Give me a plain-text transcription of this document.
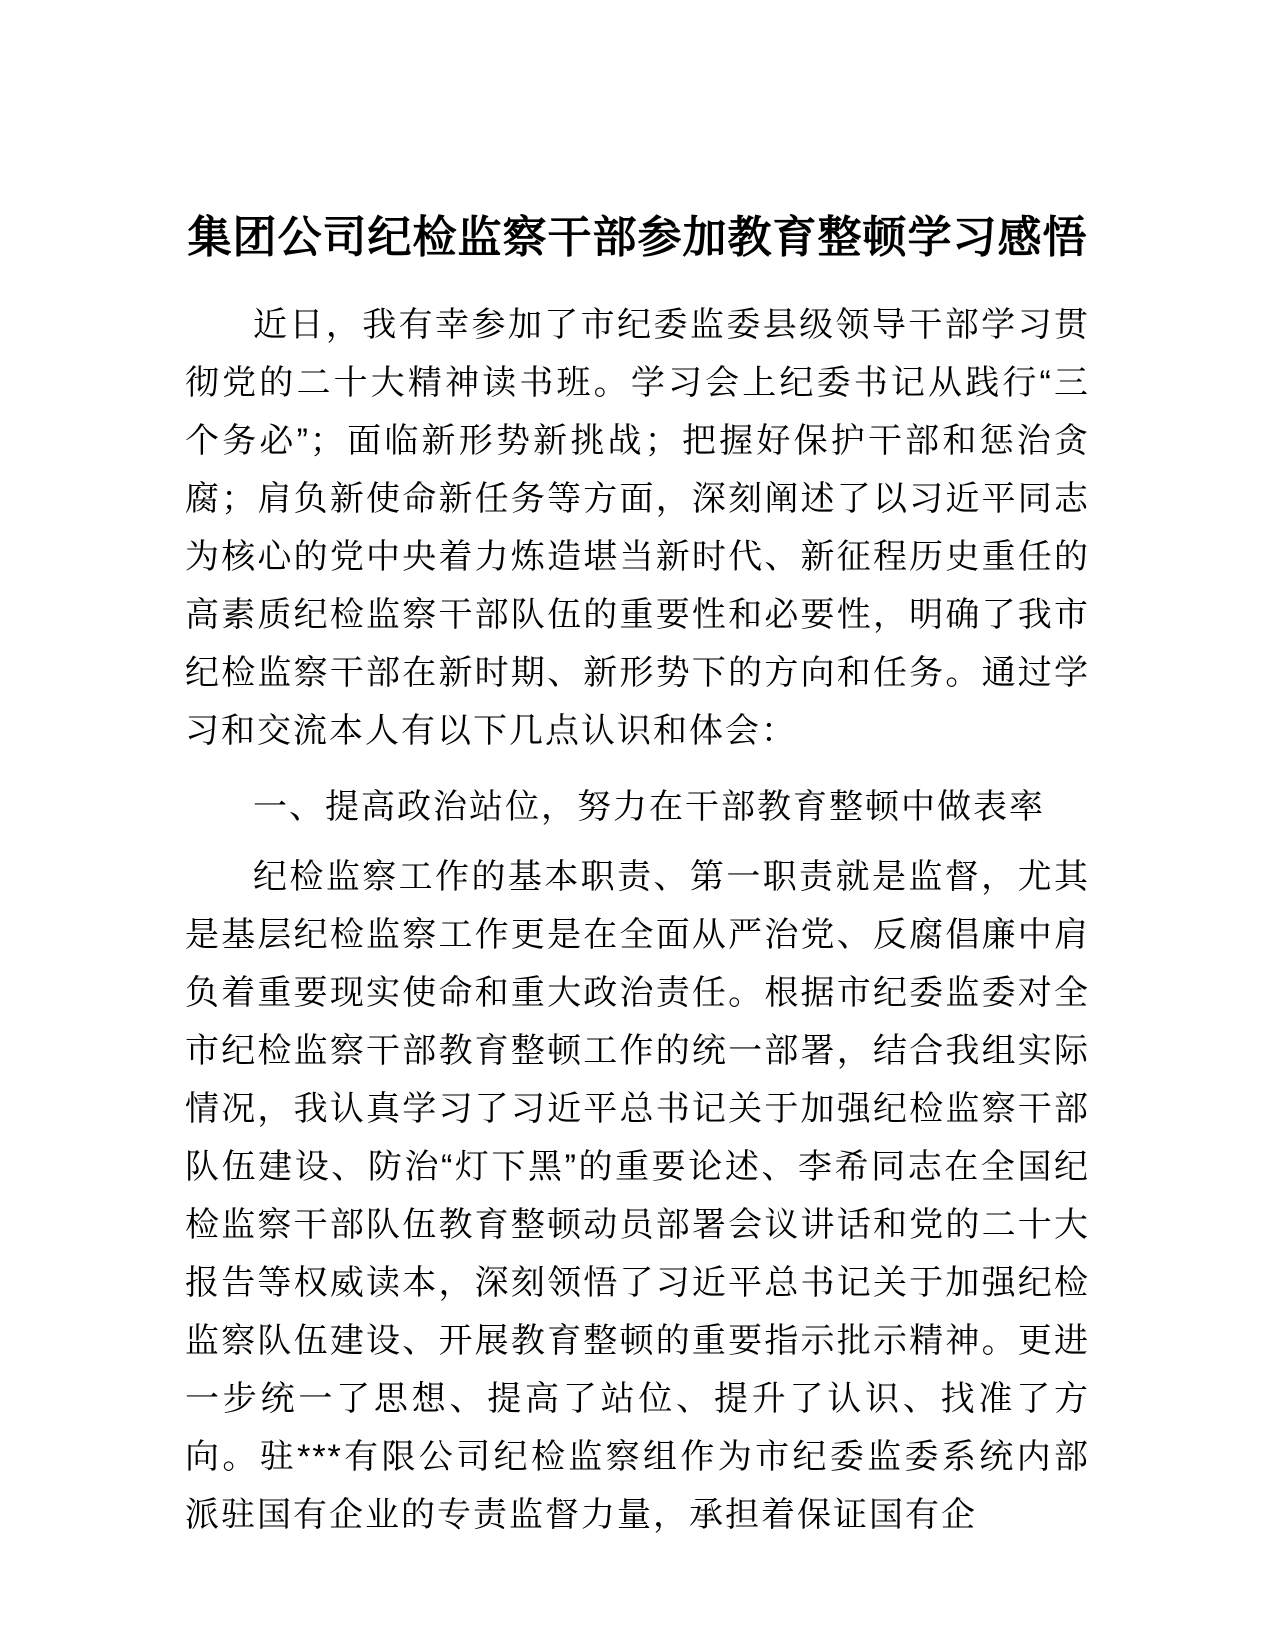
集团公司纪检监察干部参加教育整顿学习感悟

近日，我有幸参加了市纪委监委县级领导干部学习贯彻党的二十大精神读书班。学习会上纪委书记从践行“三个务必”；面临新形势新挑战；把握好保护干部和惩治贪腐；肩负新使命新任务等方面，深刻阐述了以习近平同志为核心的党中央着力炼造堪当新时代、新征程历史重任的高素质纪检监察干部队伍的重要性和必要性，明确了我市纪检监察干部在新时期、新形势下的方向和任务。通过学习和交流本人有以下几点认识和体会：

一、提高政治站位，努力在干部教育整顿中做表率

纪检监察工作的基本职责、第一职责就是监督，尤其是基层纪检监察工作更是在全面从严治党、反腐倡廉中肩负着重要现实使命和重大政治责任。根据市纪委监委对全市纪检监察干部教育整顿工作的统一部署，结合我组实际情况，我认真学习了习近平总书记关于加强纪检监察干部队伍建设、防治“灯下黑”的重要论述、李希同志在全国纪检监察干部队伍教育整顿动员部署会议讲话和党的二十大报告等权威读本，深刻领悟了习近平总书记关于加强纪检监察队伍建设、开展教育整顿的重要指示批示精神。更进一步统一了思想、提高了站位、提升了认识、找准了方向。驻***有限公司纪检监察组作为市纪委监委系统内部派驻国有企业的专责监督力量，承担着保证国有企
